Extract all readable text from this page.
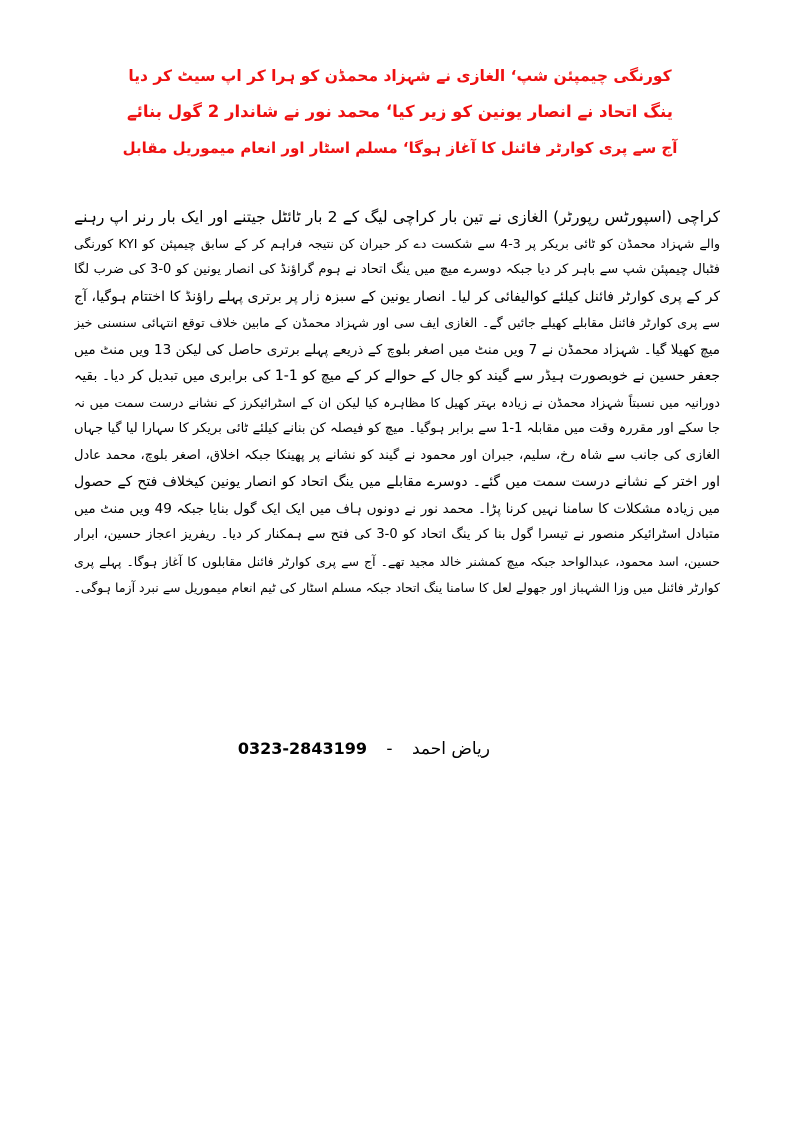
کورنگی چیمپئن شپ‘ الغازی نے شہزاد محمڈن کو ہرا کر اپ سیٹ کر دیا
ینگ اتحاد نے انصار یونین کو زیر کیا‘ محمد نور نے شاندار 2 گول بنائے
آج سے پری کوارٹر فائنل کا آغاز ہوگا‘ مسلم اسٹار اور انعام میموریل مقابل
کراچی (اسپورٹس رپورٹر) الغازی نے تین بار کراچی لیگ کے 2 بار ٹائٹل جیتنے اور ایک بار رنر اپ رہنے
والے شہزاد محمڈن کو ٹائی بریکر پر 3-4 سے شکست دے کر حیران کن نتیجہ فراہم کر کے سابق چیمپئن کو KYI کورنگی
فٹبال چیمپئن شپ سے باہر کر دیا جبکہ دوسرے میچ میں ینگ اتحاد نے ہوم گراؤنڈ کی انصار یونین کو 0-3 کی ضرب لگا
کر کے پری کوارٹر فائنل کیلئے کوالیفائی کر لیا۔ انصار یونین کے سبزہ زار پر برتری پہلے راؤنڈ کا اختتام ہوگیا، آج
سے پری کوارٹر فائنل مقابلے کھیلے جائیں گے۔ الغازی ایف سی اور شہزاد محمڈن کے مابین خلاف توقع انتہائی سنسنی خیز
میچ کھیلا گیا۔ شہزاد محمڈن نے 7 ویں منٹ میں اصغر بلوچ کے ذریعے پہلے برتری حاصل کی لیکن 13 ویں منٹ میں
جعفر حسین نے خوبصورت ہیڈر سے گیند کو جال کے حوالے کر کے میچ کو 1-1 کی برابری میں تبدیل کر دیا۔ بقیہ
دورانیہ میں نسبتاً شہزاد محمڈن نے زیادہ بہتر کھیل کا مظاہرہ کیا لیکن ان کے اسٹرائیکرز کے نشانے درست سمت میں نہ
جا سکے اور مقررہ وقت میں مقابلہ 1-1 سے برابر ہوگیا۔ میچ کو فیصلہ کن بنانے کیلئے ٹائی بریکر کا سہارا لیا گیا جہاں
الغازی کی جانب سے شاہ رخ، سلیم، جبران اور محمود نے گیند کو نشانے پر پھینکا جبکہ اخلاق، اصغر بلوچ، محمد عادل
اور اختر کے نشانے درست سمت میں گئے۔ دوسرے مقابلے میں ینگ اتحاد کو انصار یونین کیخلاف فتح کے حصول
میں زیادہ مشکلات کا سامنا نہیں کرنا پڑا۔ محمد نور نے دونوں ہاف میں ایک ایک گول بنایا جبکہ 49 ویں منٹ میں
متبادل اسٹرائیکر منصور نے تیسرا گول بنا کر ینگ اتحاد کو 0-3 کی فتح سے ہمکنار کر دیا۔ ریفریز اعجاز حسین، ابرار
حسین، اسد محمود، عبدالواحد جبکہ میچ کمشنر خالد مجید تھے۔ آج سے پری کوارٹر فائنل مقابلوں کا آغاز ہوگا۔ پہلے پری
کوارٹر فائنل میں وزا الشہباز اور جھولے لعل کا سامنا ینگ اتحاد جبکہ مسلم اسٹار کی ٹیم انعام میموریل سے نبرد آزما ہوگی۔
ریاض احمد - 0323-2843199
